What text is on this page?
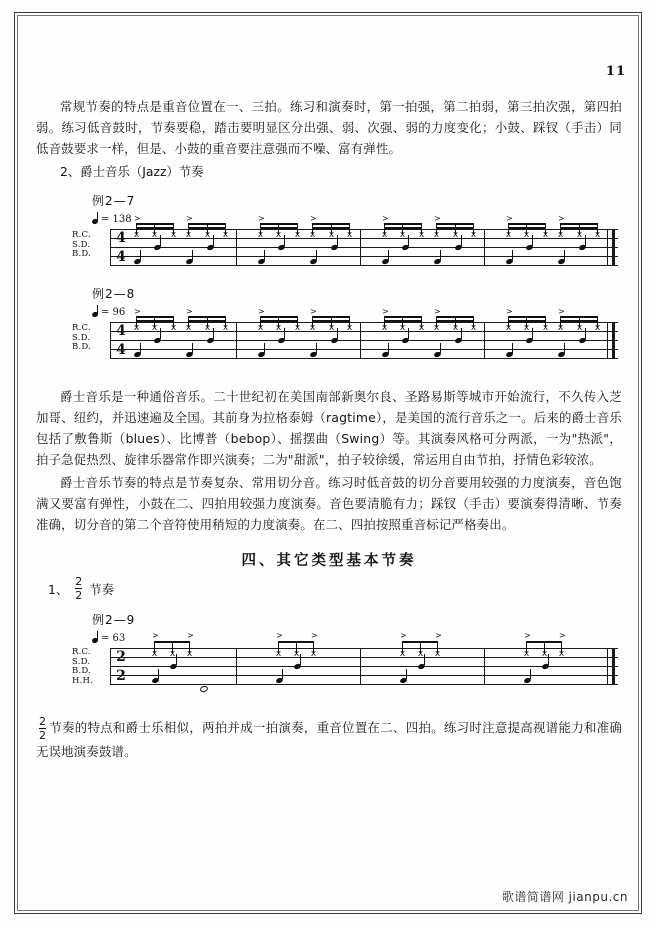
11

常规节奏的特点是重音位置在一、三拍。练习和演奏时，第一拍强，第二拍弱，第三拍次强，第四拍弱。练习低音鼓时，节奏要稳，踏击要明显区分出强、弱、次强、弱的力度变化；小鼓、踩钗（手击）同低音鼓要求一样，但是、小鼓的重音要注意强而不噪、富有弹性。

2、爵士音乐（Jazz）节奏
例2—7
= 138
R.C.
S.D.
B.D.
4
4
x x x x x x
>	>
x x x x x x
>	>
x x x x x x
>	>
x x x x x x
>	>
例2—8
= 96
R.C.
S.D.
B.D.
4
4
x x x x x x
>	>
x x x x x x
>	>
x x x x x x
>	>
x x x x x x
>	>

爵士音乐是一种通俗音乐。二十世纪初在美国南部新奥尔良、圣路易斯等城市开始流行，不久传入芝加哥、纽约，并迅速遍及全国。其前身为拉格泰姆（ragtime），是美国的流行音乐之一。后来的爵士音乐包括了敷鲁斯（blues）、比博普（bebop）、摇摆曲（Swing）等。其演奏风格可分两派，一为"热派"，拍子急促热烈、旋律乐器常作即兴演奏；二为"甜派"，拍子较徐缓，常运用自由节拍，抒情色彩较浓。

爵士音乐节奏的特点是节奏复杂、常用切分音。练习时低音鼓的切分音要用较强的力度演奏，音色饱满又要富有弹性，小鼓在二、四拍用较强力度演奏。音色要清脆有力；踩钗（手击）要演奏得清晰、节奏准确，切分音的第二个音符使用稍短的力度演奏。在二、四拍按照重音标记严格奏出。

四、其它类型基本节奏
1、 $\frac{2}{2}$ 节奏
例2—9
= 63
R.C.
S.D.
B.D.
H.H.
2
2
x x x
>	>
x x x
>	>
x x x
>	>
x x x
>	>

$\frac{2}{2}$ 节奏的特点和爵士乐相似，两拍并成一拍演奏，重音位置在二、四拍。练习时注意提高视谱能力和准确无误地演奏鼓谱。

歌谱简谱网 jianpu.cn
